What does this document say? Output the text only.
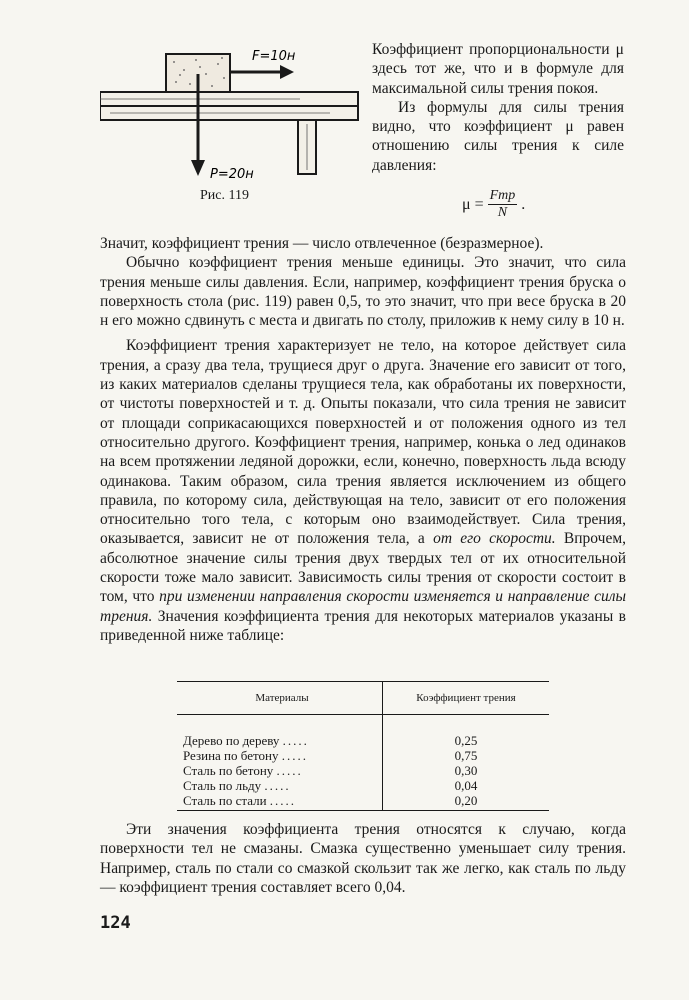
F=10н
P=20н
Рис. 119

Коэффициент пропорциональности μ здесь тот же, что и в формуле для максимальной силы трения покоя.

Из формулы для силы трения видно, что коэффициент μ равен отношению силы трения к силе давления:

$\mu = \frac{\text{Fтр}}{N}$ .

Значит, коэффициент трения — число отвлеченное (безразмерное).

Обычно коэффициент трения меньше единицы. Это значит, что сила трения меньше силы давления. Если, например, коэффициент трения бруска о поверхность стола (рис. 119) равен 0,5, то это значит, что при весе бруска в 20 н его можно сдвинуть с места и двигать по столу, приложив к нему силу в 10 н.

Коэффициент трения характеризует не тело, на которое действует сила трения, а сразу два тела, трущиеся друг о друга. Значение его зависит от того, из каких материалов сделаны трущиеся тела, как обработаны их поверхности, от чистоты поверхностей и т. д. Опыты показали, что сила трения не зависит от площади соприкасающихся поверхностей и от положения одного из тел относительно другого. Коэффициент трения, например, конька о лед одинаков на всем протяжении ледяной дорожки, если, конечно, поверхность льда всюду одинакова. Таким образом, сила трения является исключением из общего правила, по которому сила, действующая на тело, зависит от его положения относительно того тела, с которым оно взаимодействует. Сила трения, оказывается, зависит не от положения тела, а от его скорости. Впрочем, абсолютное значение силы трения двух твердых тел от их относительной скорости тоже мало зависит. Зависимость силы трения от скорости состоит в том, что при изменении направления скорости изменяется и направление силы трения. Значения коэффициента трения для некоторых материалов указаны в приведенной ниже таблице:

Материалы	Коэффициент трения
Дерево по дереву .....	0,25
Резина по бетону .....	0,75
Сталь по бетону .....	0,30
Сталь по льду .....	0,04
Сталь по стали .....	0,20

Эти значения коэффициента трения относятся к случаю, когда поверхности тел не смазаны. Смазка существенно уменьшает силу трения. Например, сталь по стали со смазкой скользит так же легко, как сталь по льду — коэффициент трения составляет всего 0,04.

124
